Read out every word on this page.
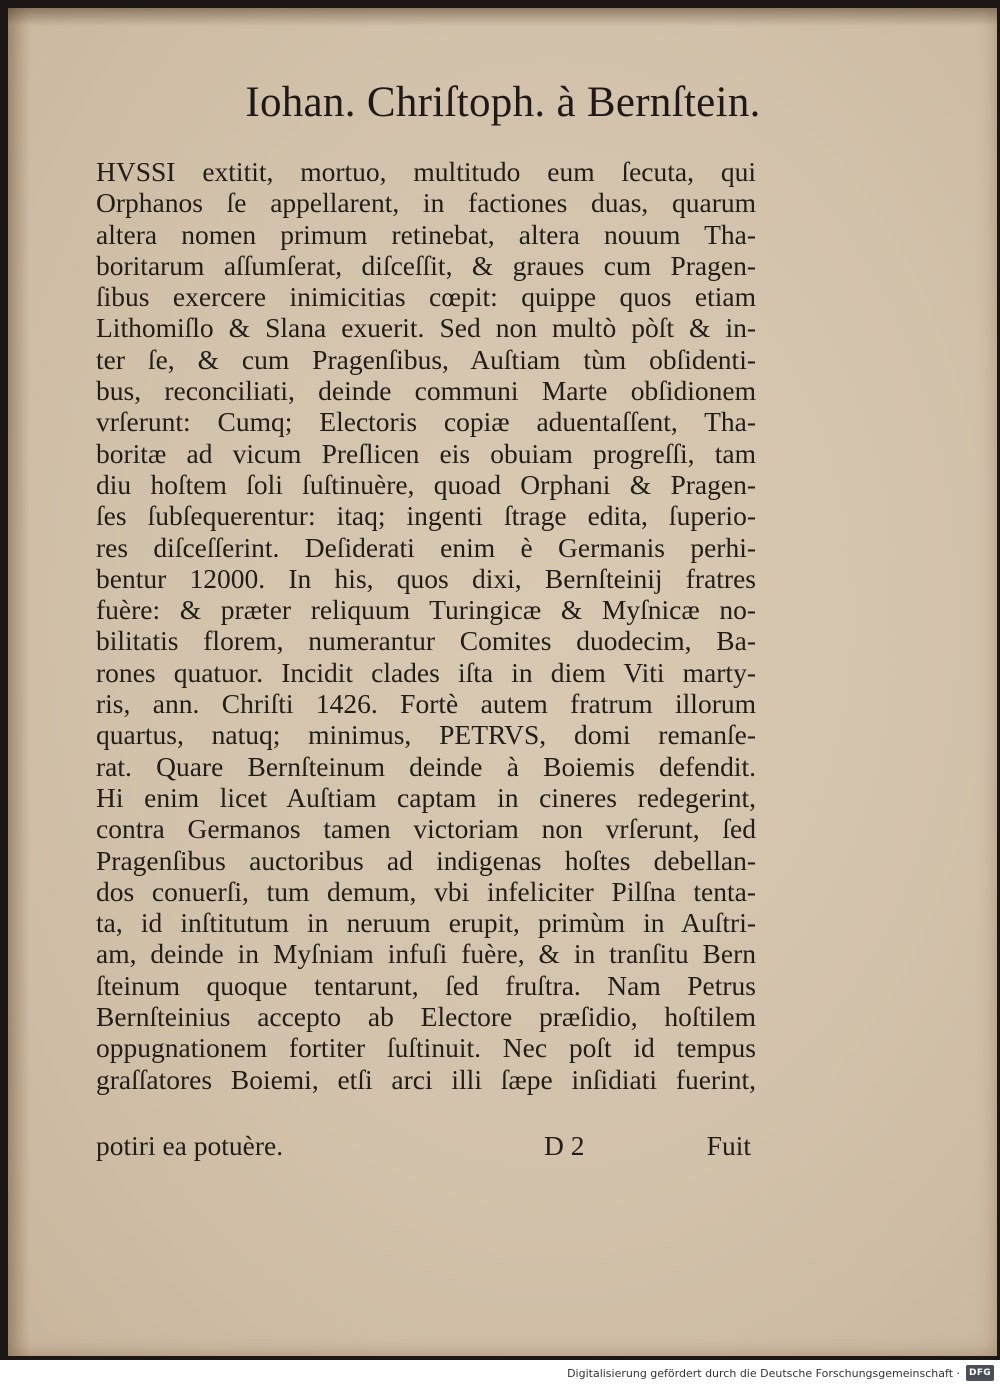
Iohan. Chriſtoph. à Bernſtein.
HVSSI extitit, mortuo, multitudo eum ſecuta, qui
Orphanos ſe appellarent, in factiones duas, quarum
altera nomen primum retinebat, altera nouum Tha-
boritarum aſſumſerat, diſceſſit, & graues cum Pragen-
ſibus exercere inimicitias cœpit: quippe quos etiam
Lithomiſlo & Slana exuerit. Sed non multò pòſt & in-
ter ſe, & cum Pragenſibus, Auſtiam tùm obſidenti-
bus, reconciliati, deinde communi Marte obſidionem
vrſerunt: Cumq; Electoris copiæ aduentaſſent, Tha-
boritæ ad vicum Preſlicen eis obuiam progreſſi, tam
diu hoſtem ſoli ſuſtinuère, quoad Orphani & Pragen-
ſes ſubſequerentur: itaq; ingenti ſtrage edita, ſuperio-
res diſceſſerint. Deſiderati enim è Germanis perhi-
bentur 12000. In his, quos dixi, Bernſteinij fratres
fuère: & præter reliquum Turingicæ & Myſnicæ no-
bilitatis florem, numerantur Comites duodecim, Ba-
rones quatuor. Incidit clades iſta in diem Viti marty-
ris, ann. Chriſti 1426. Fortè autem fratrum illorum
quartus, natuq; minimus, PETRVS, domi remanſe-
rat. Quare Bernſteinum deinde à Boiemis defendit.
Hi enim licet Auſtiam captam in cineres redegerint,
contra Germanos tamen victoriam non vrſerunt, ſed
Pragenſibus auctoribus ad indigenas hoſtes debellan-
dos conuerſi, tum demum, vbi infeliciter Pilſna tenta-
ta, id inſtitutum in neruum erupit, primùm in Auſtri-
am, deinde in Myſniam infuſi fuère, & in tranſitu Bern
ſteinum quoque tentarunt, ſed fruſtra. Nam Petrus
Bernſteinius accepto ab Electore præſidio, hoſtilem
oppugnationem fortiter ſuſtinuit. Nec poſt id tempus
graſſatores Boiemi, etſi arci illi ſæpe inſidiati fuerint,
potiri ea potuère.	D 2	Fuit
Digitalisierung gefördert durch die Deutsche Forschungsgemeinschaft · DFG
